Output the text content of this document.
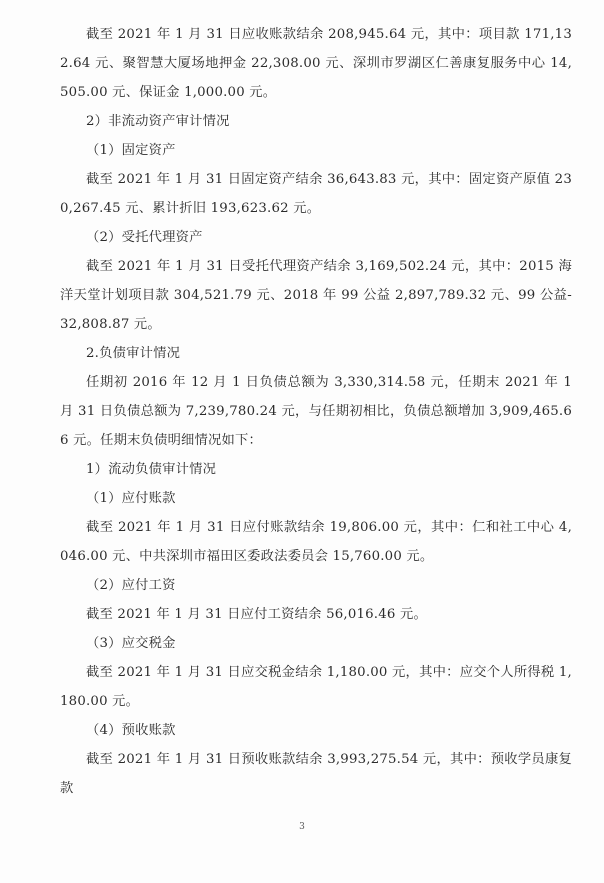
截至 2021 年 1 月 31 日应收账款结余 208,945.64 元，其中：项目款 171,132.64 元、聚智慧大厦场地押金 22,308.00 元、深圳市罗湖区仁善康复服务中心 14,505.00 元、保证金 1,000.00 元。

2）非流动资产审计情况

（1）固定资产

截至 2021 年 1 月 31 日固定资产结余 36,643.83 元，其中：固定资产原值 230,267.45 元、累计折旧 193,623.62 元。

（2）受托代理资产

截至 2021 年 1 月 31 日受托代理资产结余 3,169,502.24 元，其中：2015 海洋天堂计划项目款 304,521.79 元、2018 年 99 公益 2,897,789.32 元、99 公益- 32,808.87 元。

2.负债审计情况

任期初 2016 年 12 月 1 日负债总额为 3,330,314.58 元，任期末 2021 年 1 月 31 日负债总额为 7,239,780.24 元，与任期初相比，负债总额增加 3,909,465.66 元。任期末负债明细情况如下：

1）流动负债审计情况

（1）应付账款

截至 2021 年 1 月 31 日应付账款结余 19,806.00 元，其中：仁和社工中心 4,046.00 元、中共深圳市福田区委政法委员会 15,760.00 元。

（2）应付工资

截至 2021 年 1 月 31 日应付工资结余 56,016.46 元。

（3）应交税金

截至 2021 年 1 月 31 日应交税金结余 1,180.00 元，其中：应交个人所得税 1,180.00 元。

（4）预收账款

截至 2021 年 1 月 31 日预收账款结余 3,993,275.54 元，其中：预收学员康复款

3
